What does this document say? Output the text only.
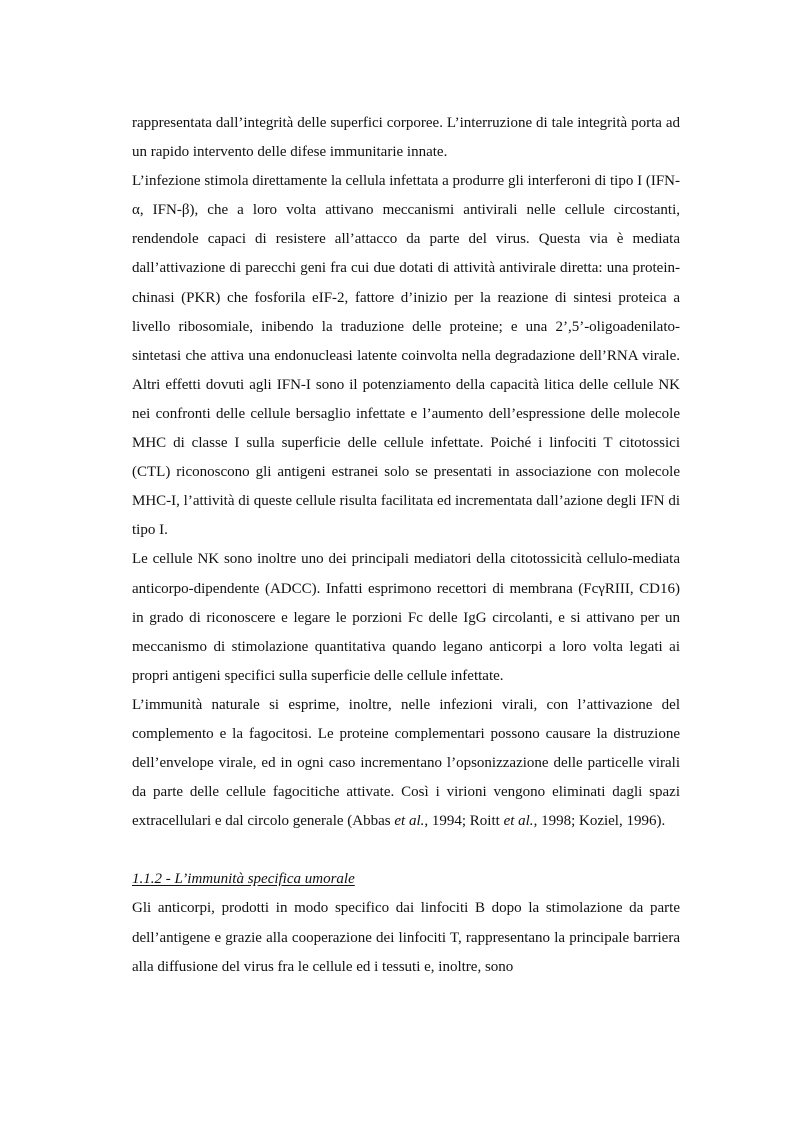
rappresentata dall’integrità delle superfici corporee. L’interruzione di tale integrità porta ad un rapido intervento delle difese immunitarie innate.

L’infezione stimola direttamente la cellula infettata a produrre gli interferoni di tipo I (IFN-α, IFN-β), che a loro volta attivano meccanismi antivirali nelle cellule circostanti, rendendole capaci di resistere all’attacco da parte del virus. Questa via è mediata dall’attivazione di parecchi geni fra cui due dotati di attività antivirale diretta: una protein-chinasi (PKR) che fosforila eIF-2, fattore d’inizio per la reazione di sintesi proteica a livello ribosomiale, inibendo la traduzione delle proteine; e una 2’,5’-oligoadenilato-sintetasi che attiva una endonucleasi latente coinvolta nella degradazione dell’RNA virale. Altri effetti dovuti agli IFN-I sono il potenziamento della capacità litica delle cellule NK nei confronti delle cellule bersaglio infettate e l’aumento dell’espressione delle molecole MHC di classe I sulla superficie delle cellule infettate. Poiché i linfociti T citotossici (CTL) riconoscono gli antigeni estranei solo se presentati in associazione con molecole MHC-I, l’attività di queste cellule risulta facilitata ed incrementata dall’azione degli IFN di tipo I.

Le cellule NK sono inoltre uno dei principali mediatori della citotossicità cellulo-mediata anticorpo-dipendente (ADCC). Infatti esprimono recettori di membrana (FcγRIII, CD16) in grado di riconoscere e legare le porzioni Fc delle IgG circolanti, e si attivano per un meccanismo di stimolazione quantitativa quando legano anticorpi a loro volta legati ai propri antigeni specifici sulla superficie delle cellule infettate.

L’immunità naturale si esprime, inoltre, nelle infezioni virali, con l’attivazione del complemento e la fagocitosi. Le proteine complementari possono causare la distruzione dell’envelope virale, ed in ogni caso incrementano l’opsonizzazione delle particelle virali da parte delle cellule fagocitiche attivate. Così i virioni vengono eliminati dagli spazi extracellulari e dal circolo generale (Abbas et al., 1994; Roitt et al., 1998; Koziel, 1996).

1.1.2 - L’immunità specifica umorale

Gli anticorpi, prodotti in modo specifico dai linfociti B dopo la stimolazione da parte dell’antigene e grazie alla cooperazione dei linfociti T, rappresentano la principale barriera alla diffusione del virus fra le cellule ed i tessuti e, inoltre, sono
